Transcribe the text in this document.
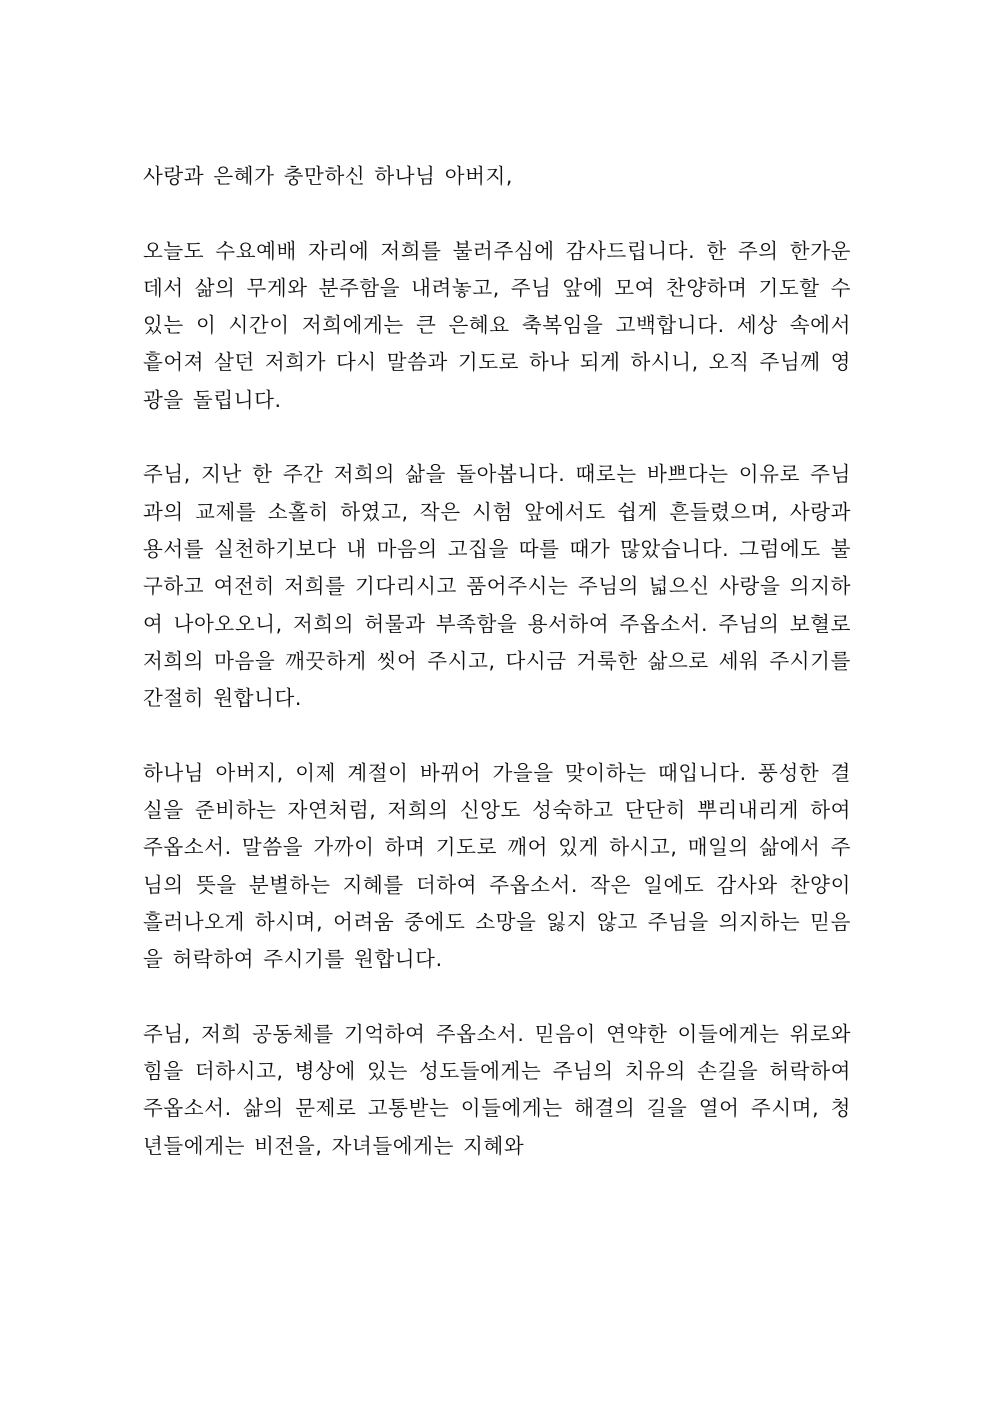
사랑과 은혜가 충만하신 하나님 아버지,

오늘도 수요예배 자리에 저희를 불러주심에 감사드립니다. 한 주의 한가운데서 삶의 무게와 분주함을 내려놓고, 주님 앞에 모여 찬양하며 기도할 수 있는 이 시간이 저희에게는 큰 은혜요 축복임을 고백합니다. 세상 속에서 흩어져 살던 저희가 다시 말씀과 기도로 하나 되게 하시니, 오직 주님께 영광을 돌립니다.

주님, 지난 한 주간 저희의 삶을 돌아봅니다. 때로는 바쁘다는 이유로 주님과의 교제를 소홀히 하였고, 작은 시험 앞에서도 쉽게 흔들렸으며, 사랑과 용서를 실천하기보다 내 마음의 고집을 따를 때가 많았습니다. 그럼에도 불구하고 여전히 저희를 기다리시고 품어주시는 주님의 넓으신 사랑을 의지하여 나아오오니, 저희의 허물과 부족함을 용서하여 주옵소서. 주님의 보혈로 저희의 마음을 깨끗하게 씻어 주시고, 다시금 거룩한 삶으로 세워 주시기를 간절히 원합니다.

하나님 아버지, 이제 계절이 바뀌어 가을을 맞이하는 때입니다. 풍성한 결실을 준비하는 자연처럼, 저희의 신앙도 성숙하고 단단히 뿌리내리게 하여 주옵소서. 말씀을 가까이 하며 기도로 깨어 있게 하시고, 매일의 삶에서 주님의 뜻을 분별하는 지혜를 더하여 주옵소서. 작은 일에도 감사와 찬양이 흘러나오게 하시며, 어려움 중에도 소망을 잃지 않고 주님을 의지하는 믿음을 허락하여 주시기를 원합니다.

주님, 저희 공동체를 기억하여 주옵소서. 믿음이 연약한 이들에게는 위로와 힘을 더하시고, 병상에 있는 성도들에게는 주님의 치유의 손길을 허락하여 주옵소서. 삶의 문제로 고통받는 이들에게는 해결의 길을 열어 주시며, 청년들에게는 비전을, 자녀들에게는 지혜와
